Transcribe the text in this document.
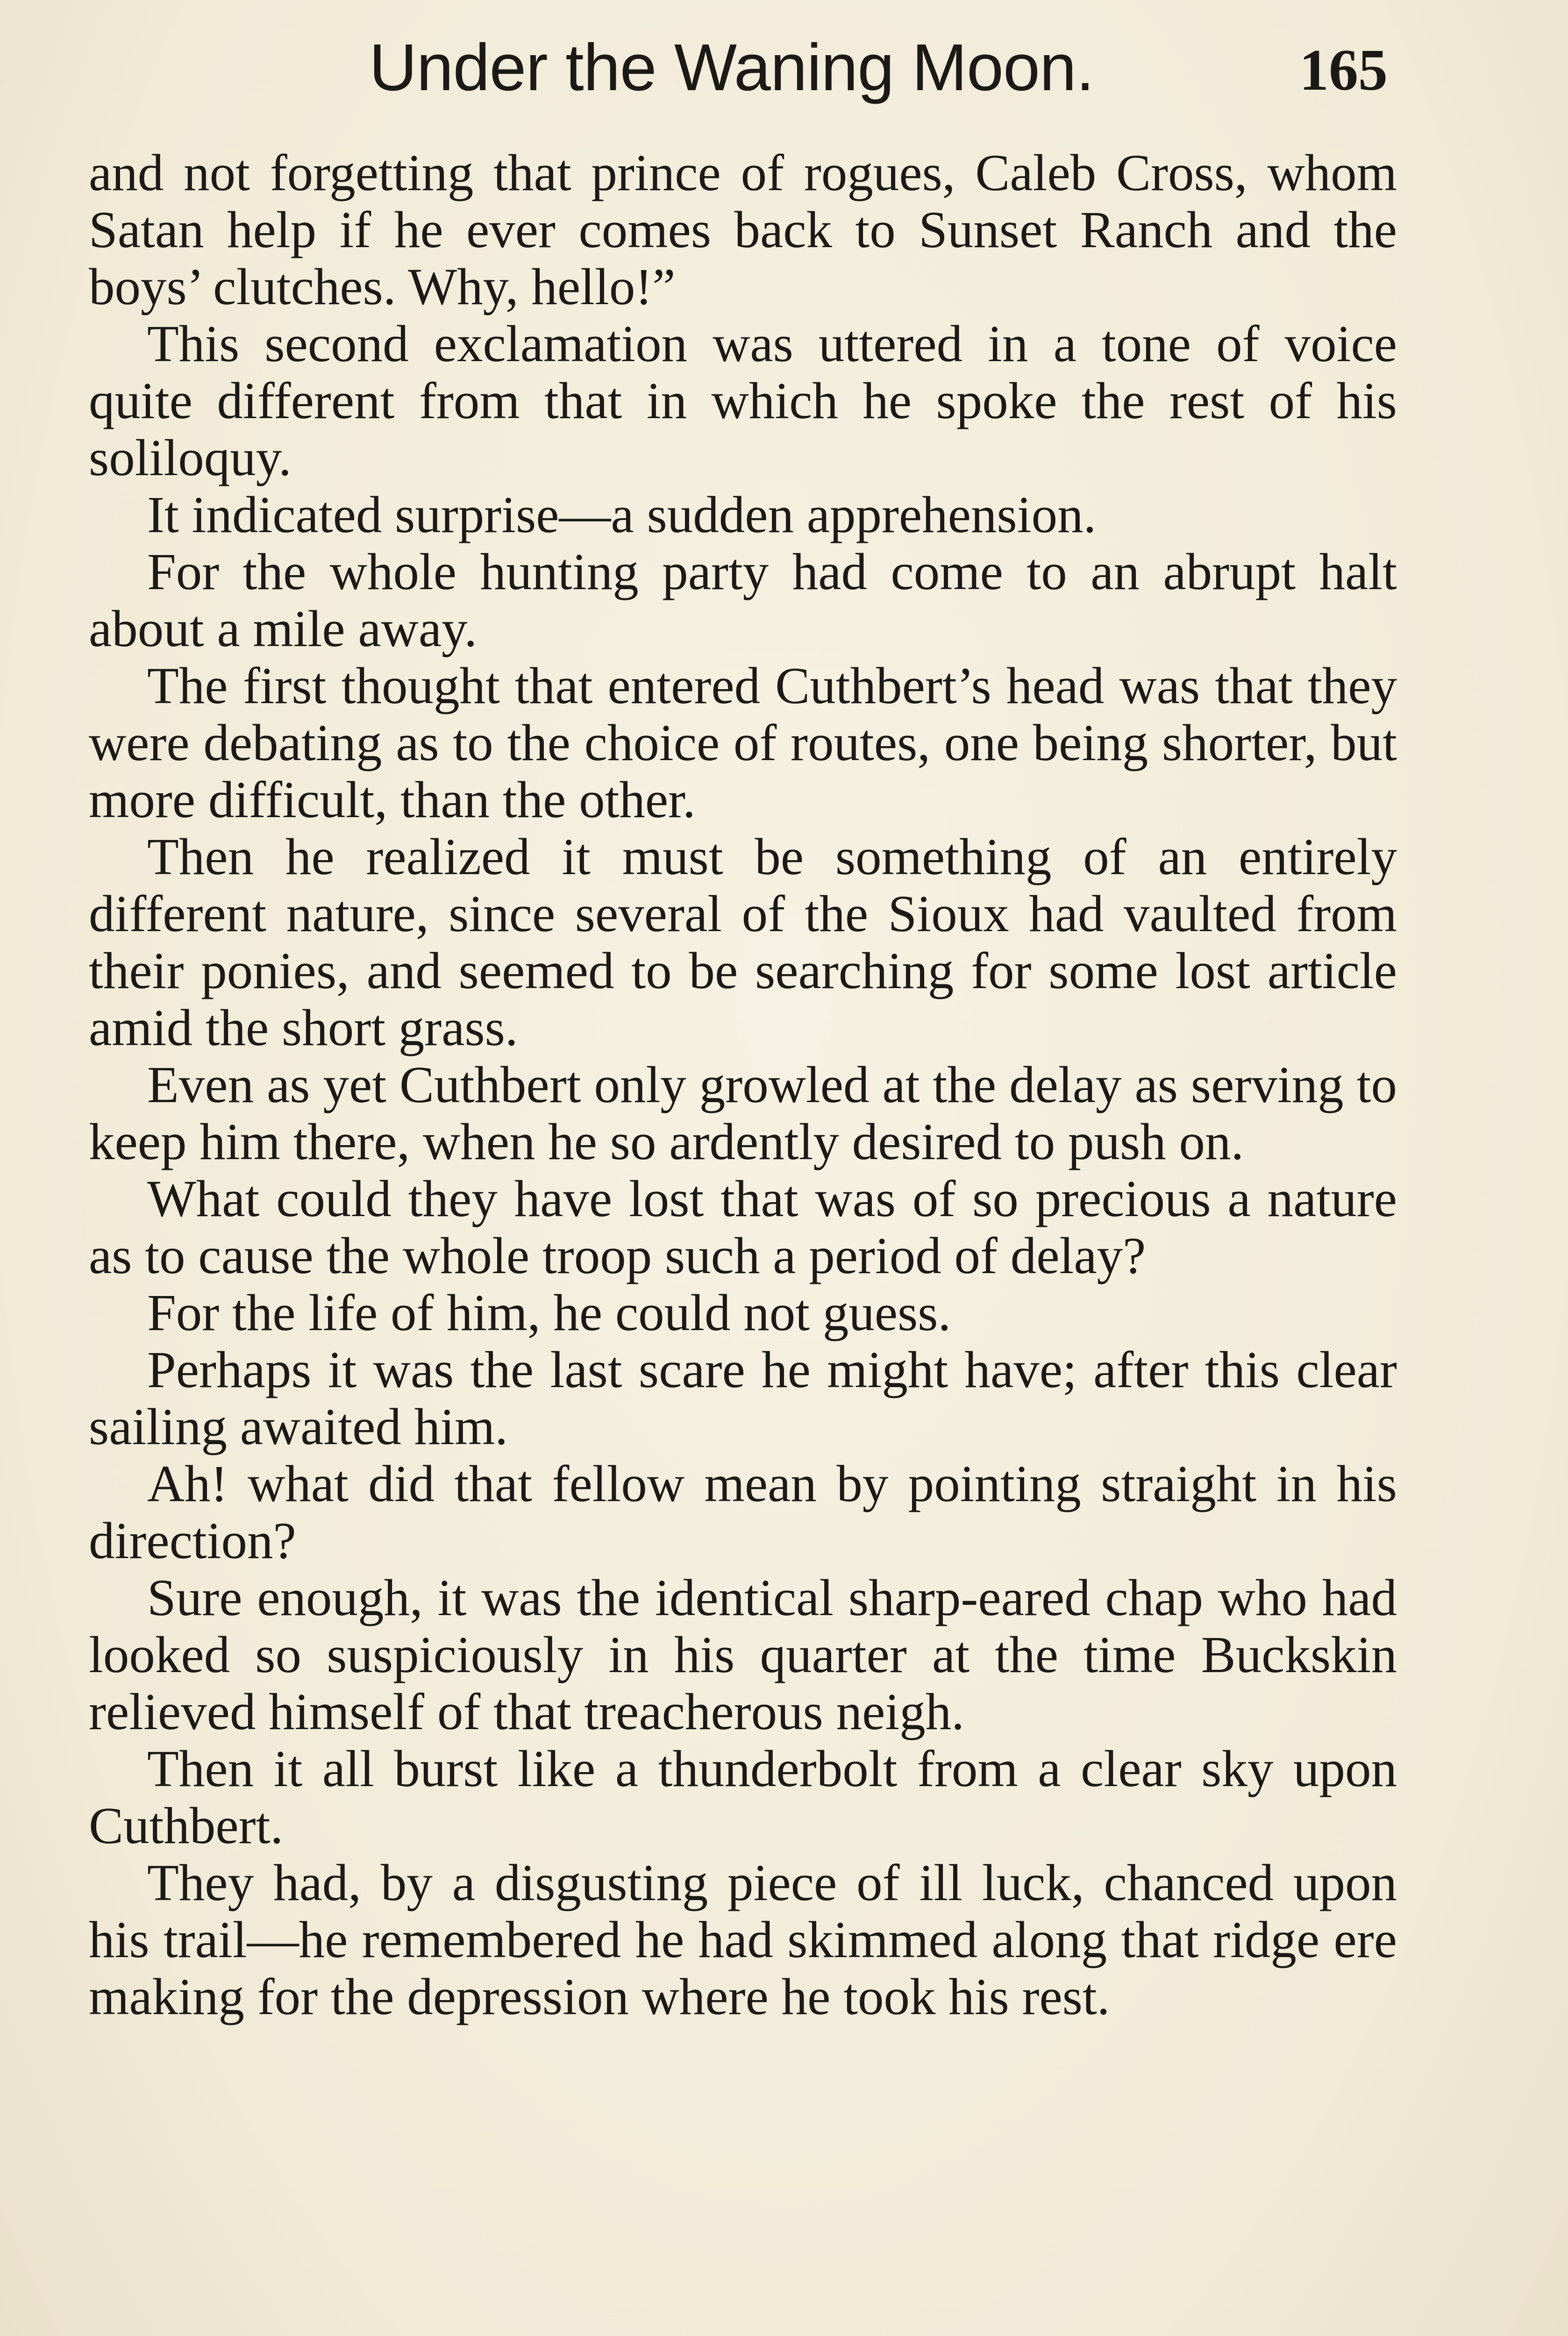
Under the Waning Moon.	165

and not forgetting that prince of rogues, Caleb Cross, whom Satan help if he ever comes back to Sunset Ranch and the boys’ clutches. Why, hello!”

This second exclamation was uttered in a tone of voice quite different from that in which he spoke the rest of his soliloquy.

It indicated surprise—a sudden apprehension.

For the whole hunting party had come to an abrupt halt about a mile away.

The first thought that entered Cuthbert’s head was that they were debating as to the choice of routes, one being shorter, but more difficult, than the other.

Then he realized it must be something of an entirely different nature, since several of the Sioux had vaulted from their ponies, and seemed to be searching for some lost article amid the short grass.

Even as yet Cuthbert only growled at the delay as serving to keep him there, when he so ardently desired to push on.

What could they have lost that was of so precious a nature as to cause the whole troop such a period of delay?

For the life of him, he could not guess.

Perhaps it was the last scare he might have; after this clear sailing awaited him.

Ah! what did that fellow mean by pointing straight in his direction?

Sure enough, it was the identical sharp-eared chap who had looked so suspiciously in his quarter at the time Buckskin relieved himself of that treacherous neigh.

Then it all burst like a thunderbolt from a clear sky upon Cuthbert.

They had, by a disgusting piece of ill luck, chanced upon his trail—he remembered he had skimmed along that ridge ere making for the depression where he took his rest.
